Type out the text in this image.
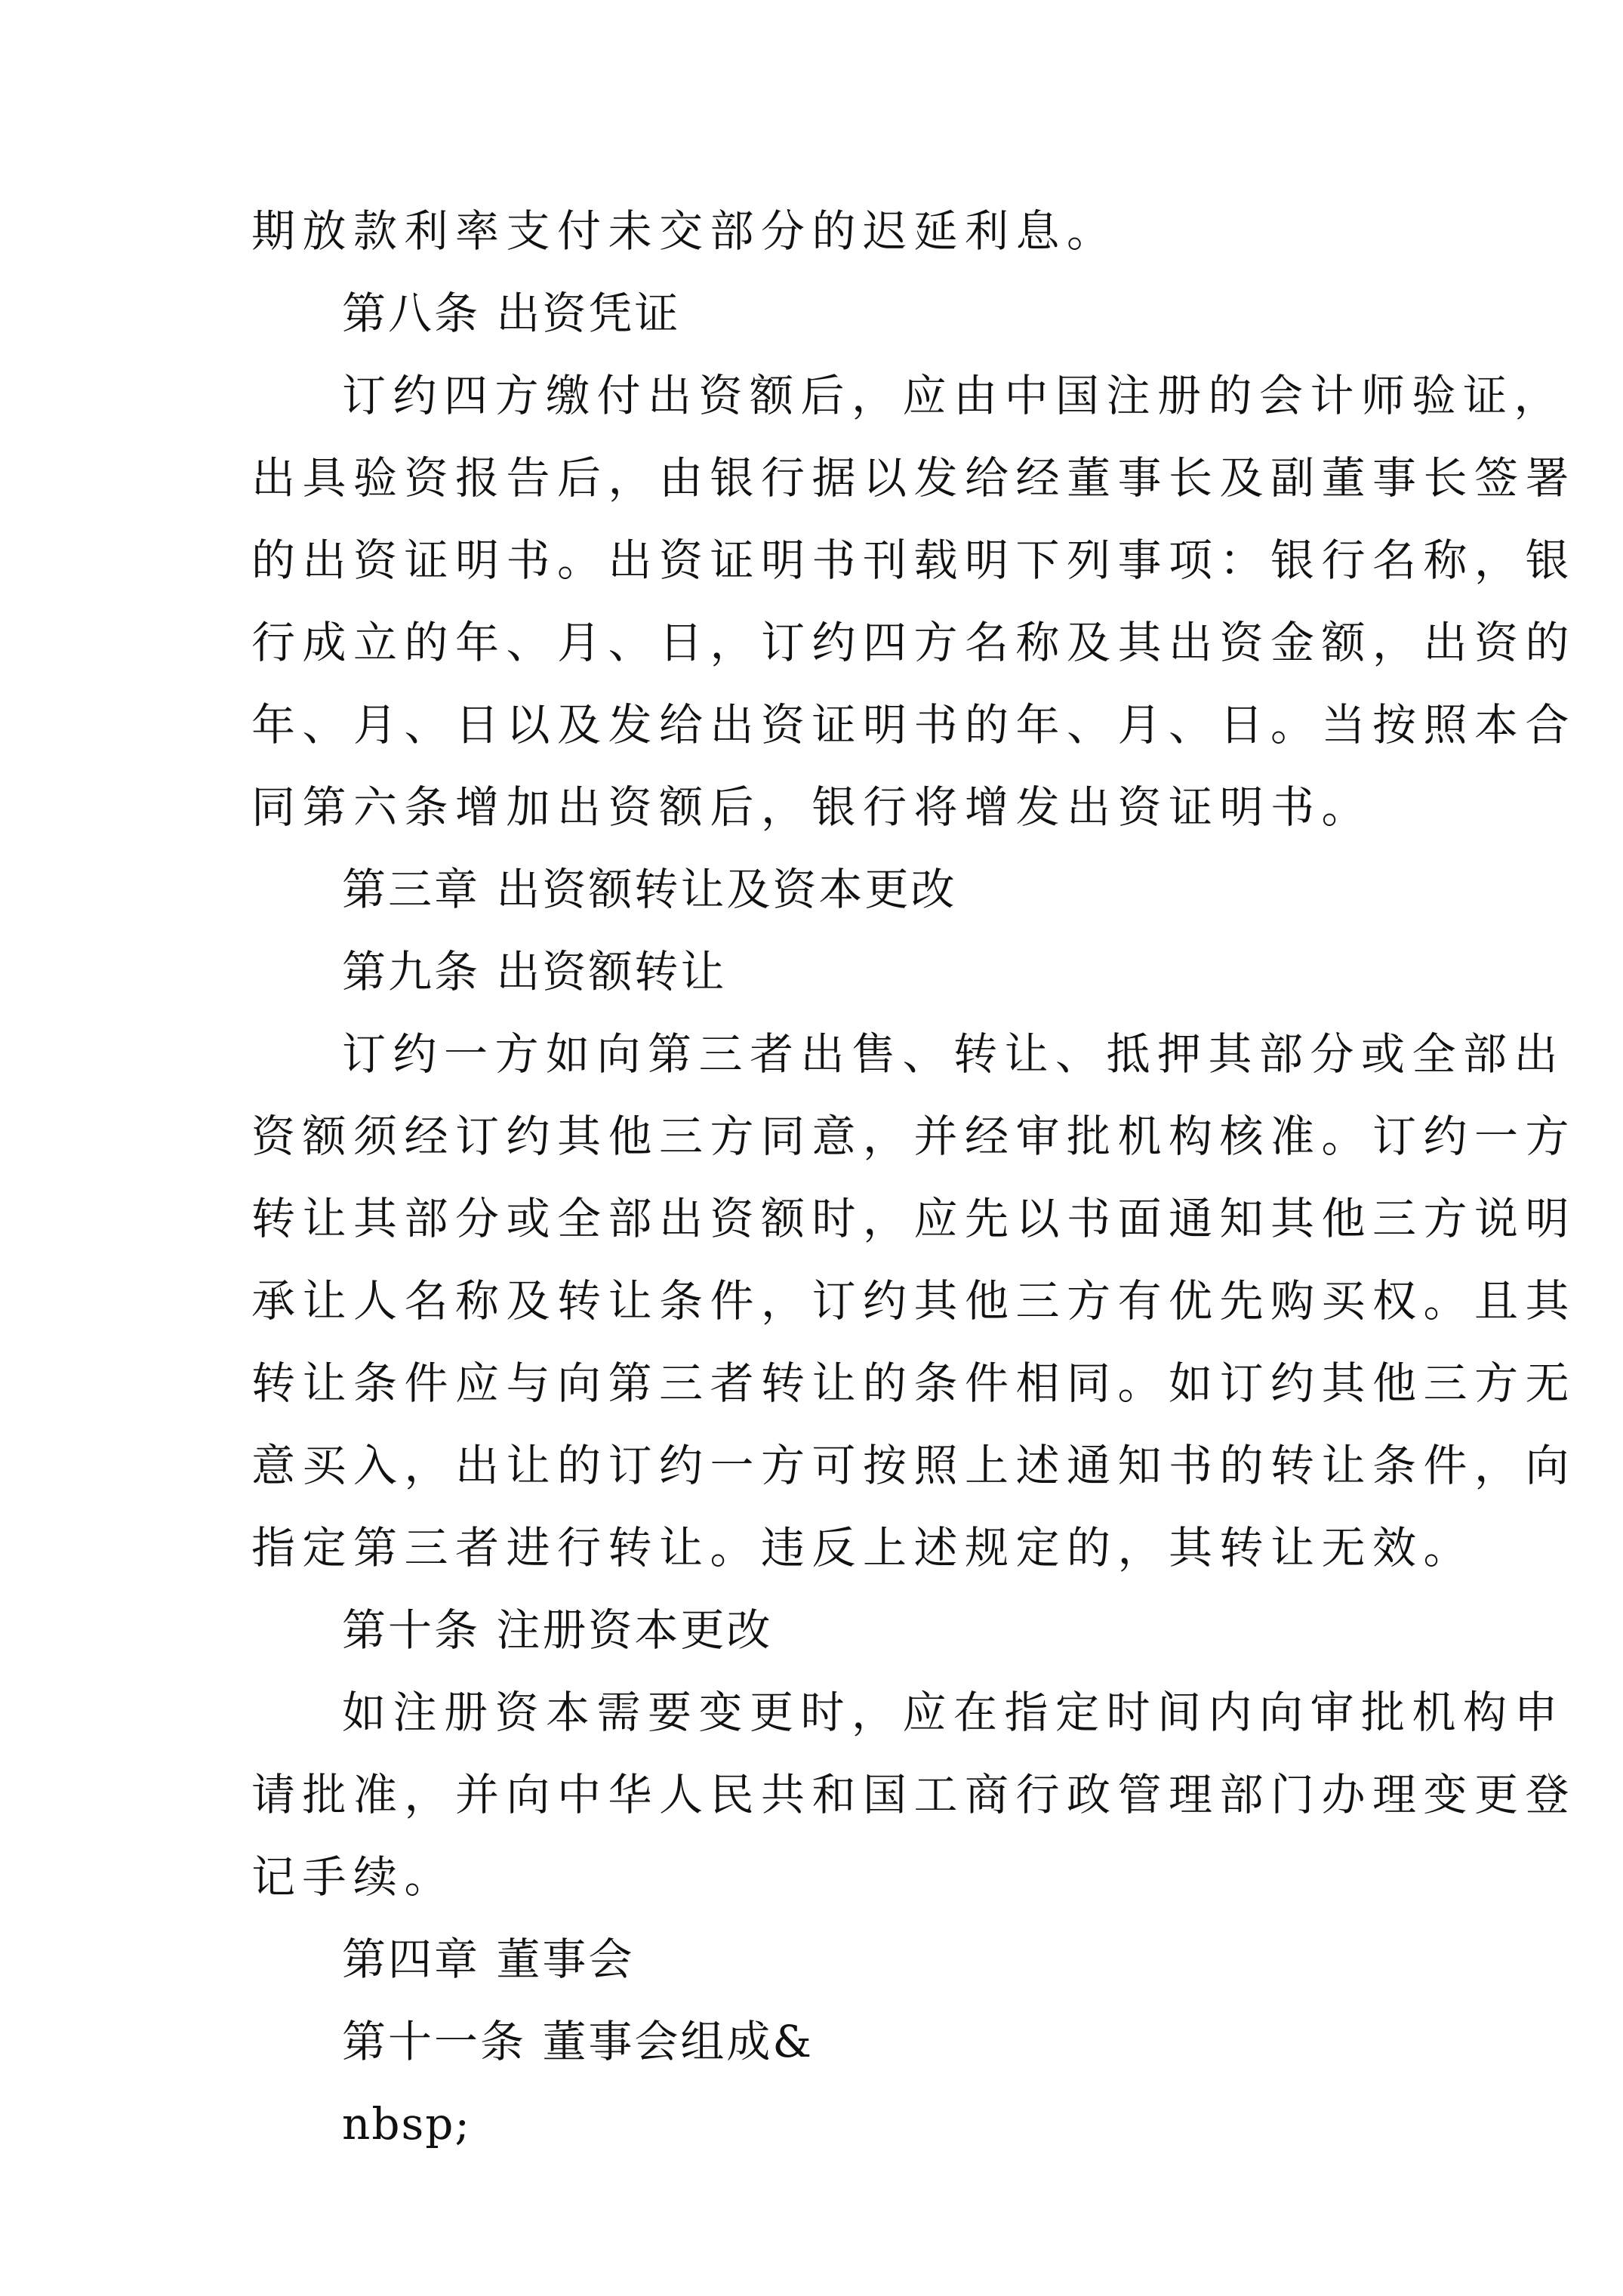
期放款利率支付未交部分的迟延利息。
第八条 出资凭证
订约四方缴付出资额后，应由中国注册的会计师验证，
出具验资报告后，由银行据以发给经董事长及副董事长签署
的出资证明书。出资证明书刊载明下列事项：银行名称，银
行成立的年、月、日，订约四方名称及其出资金额，出资的
年、月、日以及发给出资证明书的年、月、日。当按照本合
同第六条增加出资额后，银行将增发出资证明书。
第三章 出资额转让及资本更改
第九条 出资额转让
订约一方如向第三者出售、转让、抵押其部分或全部出
资额须经订约其他三方同意，并经审批机构核准。订约一方
转让其部分或全部出资额时，应先以书面通知其他三方说明
承让人名称及转让条件，订约其他三方有优先购买权。且其
转让条件应与向第三者转让的条件相同。如订约其他三方无
意买入，出让的订约一方可按照上述通知书的转让条件，向
指定第三者进行转让。违反上述规定的，其转让无效。
第十条 注册资本更改
如注册资本需要变更时，应在指定时间内向审批机构申
请批准，并向中华人民共和国工商行政管理部门办理变更登
记手续。
第四章 董事会
第十一条 董事会组成&
nbsp;
